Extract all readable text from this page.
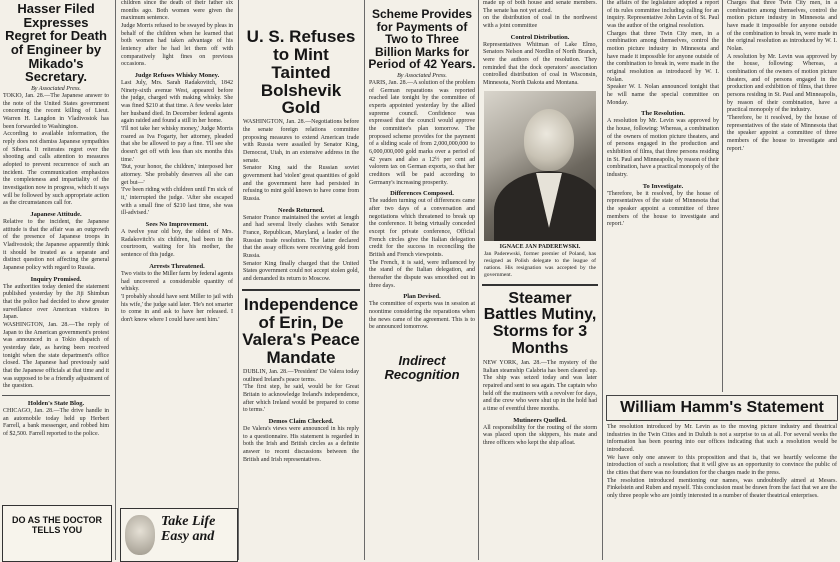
Hasser Filed Expresses Regret for Death of Engineer by Mikado's Secretary.
By Associated Press.

TOKIO, Jan. 28.—The Japanese answer to the note of the United States government concerning the recent killing of Lieut. Warren H. Langdon in Vladivostok has been forwarded to Washington.

According to available information, the reply does not dismiss Japanese sympathies of Siberia. It reiterates regret over the shooting and calls attention to measures adopted to prevent recurrence of such an incident. The communication emphasizes the completeness and impartiality of the investigation now in progress, which it says will be followed by such appropriate action as the circumstances call for.

Japanese Attitude.

Relative to the incident, the Japanese attitude is that the affair was an outgrowth of the presence of Japanese troops in Vladivostok; the Japanese apparently think it should be treated as a separate and distinct question not affecting the general Japanese policy with regard to Russia.

Inquiry Promised.

The authorities today denied the statement published yesterday by the Jiji Shimbun that the police had decided to show greater surveillance over American visitors in Japan.

WASHINGTON, Jan. 28.—The reply of Japan to the American government's protest was announced in a Tokio dispatch of yesterday date, as having been received tonight when the state department's office closed. The Japanese had previously said that the Japanese officials at that time and it was supposed to be a friendly adjustment of the question.

Holden's State Blog.

CHICAGO, Jan. 28.—The drive handle in an automobile today held up Herbert Farrell, a bank messenger, and robbed him of $2,500. Farrell reported to the police.

children since the death of their father six months ago. Both women were given the maximum sentence.

Judge Morris refused to be swayed by pleas in behalf of the children when he learned that both women had taken advantage of his leniency after he had let them off with comparatively light fines on previous occasions.

Judge Refuses Whisky Money.

Last July, Mrs. Sarah Radakovitch, 1842 Ninety-sixth avenue West, appeared before the judge, charged with making whisky. She was fined $210 at that time. A few weeks later her husband died. In December federal agents again raided and found a still in her home.

'I'll not take her whisky money,' Judge Morris roared as Iva Fogarty, her attorney, pleaded that she be allowed to pay a fine. 'I'll see she doesn't get off with less than six months this time.'

'But, your honor, the children,' interposed her attorney. 'She probably deserves all she can get but—'

'I've been riding with children until I'm sick of it,' interrupted the judge. 'After she escaped with a small fine of $210 last time, she was ill-advised.'

Sees No Improvement.

A twelve year old boy, the oldest of Mrs. Radakovitch's six children, had been in the courtroom, waiting for his mother, the sentence of this judge.

Arrests Threatened.

Two visits to the Miller farm by federal agents had uncovered a considerable quantity of whisky.

'I probably should have sent Miller to jail with his wife,' the judge said later. 'He's not smarter to come in and ask to have her released. I don't know where I could have sent him.'

U. S. Refuses to Mint Tainted Bolshevik Gold

WASHINGTON, Jan. 28.—Negotiations before the senate foreign relations committee proposing measures to extend American trade with Russia were assailed by Senator King, Democrat, Utah, in an extensive address in the senate.

Senator King said the Russian soviet government had 'stolen' great quantities of gold and the government here had persisted in refusing to mint gold known to have come from Russia.

Needs Returned.

Senator France maintained the soviet at length and had several lively clashes with Senator France, Republican, Maryland, a leader of the Russian trade resolution. The latter declared that the assay offices were receiving gold from Russia.

Senator King finally charged that the United States government could not accept stolen gold, and demanded its return to Moscow.

Independence of Erin, De Valera's Peace Mandate

DUBLIN, Jan. 28.—'President' De Valera today outlined Ireland's peace terms.

'The first step, he said, would be for Great Britain to acknowledge Ireland's independence, after which Ireland would be prepared to come to terms.'

Demos Claim Checked.

De Valera's views were announced in his reply to a questionnaire. His statement is regarded in both the Irish and British circles as a definite answer to recent discussions between the British and Irish representatives.

Scheme Provides for Payments of Two to Three Billion Marks for Period of 42 Years.
By Associated Press.

PARIS, Jan. 28.—A solution of the problem of German reparations was reported reached late tonight by the committee of experts appointed yesterday by the allied supreme council. Confidence was expressed that the council would approve the committee's plan tomorrow. The proposed scheme provides for the payment of a sliding scale of from 2,000,000,000 to 6,000,000,000 gold marks over a period of 42 years and also a 12½ per cent ad valorem tax on German exports, so that her creditors will be paid according to Germany's increasing prosperity.

Differences Composed.

The sudden turning out of differences came after two days of a conversation and negotiations which threatened to break up the conference. It being virtually conceded except for private conference, Official French circles give the Italian delegation credit for the success in reconciling the British and French viewpoints.

The French, it is said, were influenced by the stand of the Italian delegation, and thereafter the dispute was smoothed out in three days.

Plan Devised.

The committee of experts was in session at noontime considering the reparations when the news came of the agreement. This is to be announced tomorrow.

Indirect Recognition

made up of both house and senate members. The senate has not yet acted.

on the distribution of coal in the northwest with a joint committee

Control Distribution.

Representatives Whitman of Lake Elmo, Senators Nelson and Nordlin of North Branch, were the authors of the resolution. They reminded that the dock operators' association controlled distribution of coal in Wisconsin, Minnesota, North Dakota and Montana.

IGNACE JAN PADEREWSKI.

Jan Paderewski, former premier of Poland, has resigned as Polish delegate to the league of nations. His resignation was accepted by the government.

Steamer Battles Mutiny, Storms for 3 Months

NEW YORK, Jan. 28.—The mystery of the Italian steamship Calabria has been cleared up. The ship was seized today and was later repaired and sent to sea again. The captain who held off the mutineers with a revolver for days, and the crew who were shut up in the hold had a time of eventful three months.

Mutineers Quelled.

All responsibility for the routing of the storm was placed upon the skippers, his mate and three officers who kept the ship afloat.

the affairs of the legislature adopted a report of its rules committee including calling for an inquiry. Representative John Levin of St. Paul was the author of the original resolution.

Charges that three Twin City men, in a combination among themselves, control the motion picture industry in Minnesota and have made it impossible for anyone outside of the combination to break in, were made in the original resolution as introduced by W. I. Nolan.

Speaker W. I. Nolan announced tonight that he will name the special committee on Monday.

The Resolution.

A resolution by Mr. Levin was approved by the house, following: Whereas, a combination of the owners of motion picture theaters, and of persons engaged in the production and exhibition of films, that three persons residing in St. Paul and Minneapolis, by reason of their combination, have a practical monopoly of the industry.

To Investigate.

'Therefore, be it resolved, by the house of representatives of the state of Minnesota that the speaker appoint a committee of three members of the house to investigate and report.'

Charges that three Twin City men, in a combination among themselves, control the motion picture industry in Minnesota and have made it impossible for anyone outside of the combination to break in, were made in the original resolution as introduced by W. I. Nolan.

A resolution by Mr. Levin was approved by the house, following: Whereas, a combination of the owners of motion picture theaters, and of persons engaged in the production and exhibition of films, that three persons residing in St. Paul and Minneapolis, by reason of their combination, have a practical monopoly of the industry.

'Therefore, be it resolved, by the house of representatives of the state of Minnesota that the speaker appoint a committee of three members of the house to investigate and report.'

William Hamm's Statement

The resolution introduced by Mr. Levin as to the moving picture industry and theatrical industries in the Twin Cities and in Duluth is not a surprise to us at all. For several weeks the information has been pouring into our offices indicating that such a resolution would be introduced.

We have only one answer to this proposition and that is, that we heartily welcome the introduction of such a resolution; that it will give us an opportunity to convince the public of the cities that there was no foundation for the charges made in the press.

The resolution introduced mentioning our names, was undoubtedly aimed at Messrs. Finkelstein and Ruben and myself. This conclusion must be drawn from the fact that we are the only three people who are jointly interested in a number of theater theatrical enterprises.

DO AS THE DOCTOR TELLS YOU
Take Life Easy and
